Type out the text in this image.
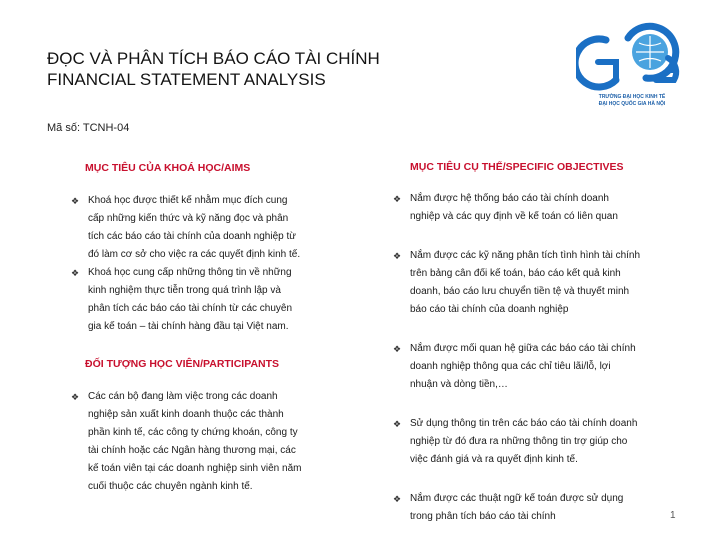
ĐỌC VÀ PHÂN TÍCH BÁO CÁO TÀI CHÍNH
FINANCIAL STATEMENT ANALYSIS
Mã số: TCNH-04
TRƯỜNG ĐẠI HỌC KINH TẾ
ĐẠI HỌC QUỐC GIA HÀ NỘI
MỤC TIÊU CỦA KHOÁ HỌC/AIMS
❖ Khoá học được thiết kế nhằm mục đích cung
cấp những kiến thức và kỹ năng đọc và phân
tích các báo cáo tài chính của doanh nghiệp từ
đó làm cơ sở cho việc ra các quyết định kinh tế.
❖ Khoá học cung cấp những thông tin về những
kinh nghiệm thực tiễn trong quá trình lập và
phân tích các báo cáo tài chính từ các chuyên
gia kế toán – tài chính hàng đầu tại Việt nam.
ĐỐI TƯỢNG HỌC VIÊN/PARTICIPANTS
❖ Các cán bộ đang làm việc trong các doanh
nghiệp sản xuất kinh doanh thuộc các thành
phần kinh tế, các công ty chứng khoán, công ty
tài chính hoặc các Ngân hàng thương mại, các
kế toán viên tại các doanh nghiệp sinh viên năm
cuối thuộc các chuyên ngành kinh tế.
MỤC TIÊU CỤ THỂ/SPECIFIC OBJECTIVES
❖ Nắm được hệ thống báo cáo tài chính doanh
nghiệp và các quy định về kế toán có liên quan
❖ Nắm được các kỹ năng phân tích tình hình tài chính
trên bảng cân đối kế toán, báo cáo kết quả kinh
doanh, báo cáo lưu chuyển tiền tệ và thuyết minh
báo cáo tài chính của doanh nghiệp
❖ Nắm được mối quan hệ giữa các báo cáo tài chính
doanh nghiệp thông qua các chỉ tiêu lãi/lỗ, lợi
nhuận và dòng tiền,…
❖ Sử dụng thông tin trên các báo cáo tài chính doanh
nghiệp từ đó đưa ra những thông tin trợ giúp cho
việc đánh giá và ra quyết định kinh tế.
❖ Nắm được các thuật ngữ kế toán được sử dụng
trong phân tích báo cáo tài chính	1
